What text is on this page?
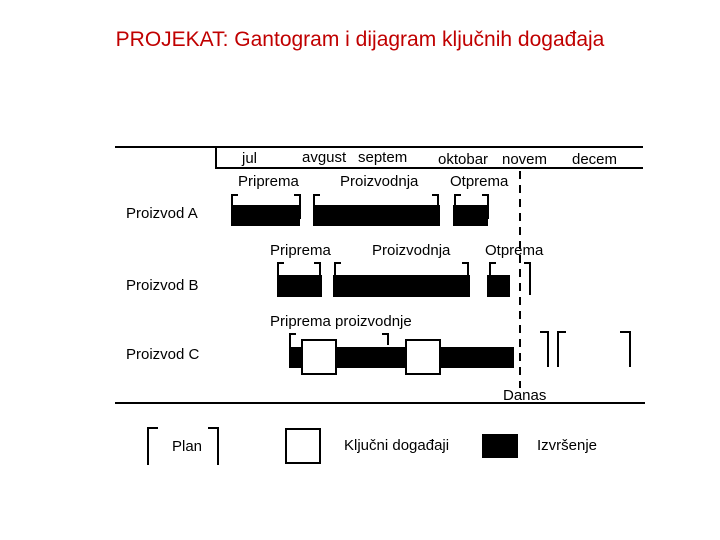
PROJEKAT: Gantogram i dijagram ključnih događaja
jul	avgust septem oktobar novem decem
Priprema	Proizvodnja Otprema
Priprema	Proizvodnja Otprema
Priprema proizvodnje
Proizvod A
Proizvod B
Proizvod C
Danas
Plan	Ključni događaji	Izvršenje
